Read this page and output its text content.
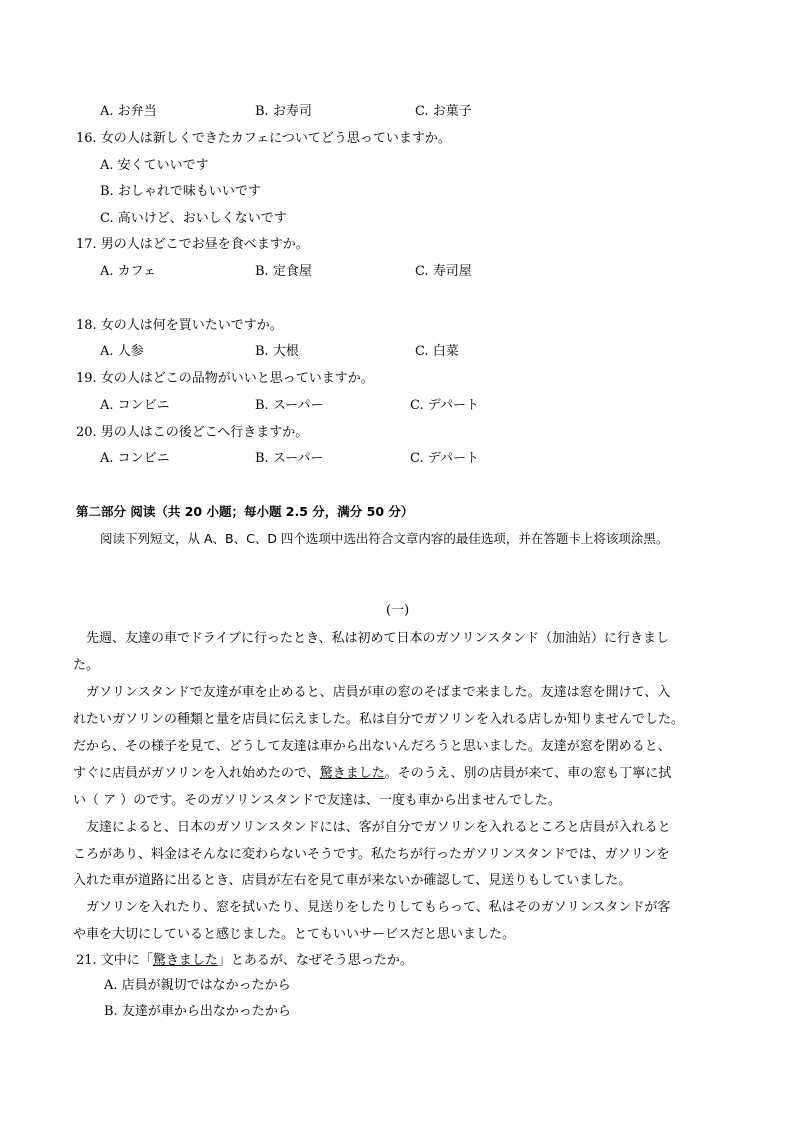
A. お弁当	B. お寿司	C. お菓子
16. 女の人は新しくできたカフェについてどう思っていますか。
A. 安くていいです
B. おしゃれで味もいいです
C. 高いけど、おいしくないです
17. 男の人はどこでお昼を食べますか。
A. カフェ	B. 定食屋	C. 寿司屋
18. 女の人は何を買いたいですか。
A. 人参	B. 大根	C. 白菜
19. 女の人はどこの品物がいいと思っていますか。
A. コンビニ	B. スーパー	C. デパート
20. 男の人はこの後どこへ行きますか。
A. コンビニ	B. スーパー	C. デパート
第二部分 阅读（共 20 小题；每小题 2.5 分，满分 50 分）
阅读下列短文，从 A、B、C、D 四个选项中选出符合文章内容的最佳选项，并在答题卡上将该项涂黑。
(一)
先週、友達の車でドライブに行ったとき、私は初めて日本のガソリンスタンド（加油站）に行きまし
た。
ガソリンスタンドで友達が車を止めると、店員が車の窓のそばまで来ました。友達は窓を開けて、入
れたいガソリンの種類と量を店員に伝えました。私は自分でガソリンを入れる店しか知りませんでした。
だから、その様子を見て、どうして友達は車から出ないんだろうと思いました。友達が窓を閉めると、
すぐに店員がガソリンを入れ始めたので、驚きました。そのうえ、別の店員が来て、車の窓も丁寧に拭
い（ ア ）のです。そのガソリンスタンドで友達は、一度も車から出ませんでした。
友達によると、日本のガソリンスタンドには、客が自分でガソリンを入れるところと店員が入れると
ころがあり、料金はそんなに変わらないそうです。私たちが行ったガソリンスタンドでは、ガソリンを
入れた車が道路に出るとき、店員が左右を見て車が来ないか確認して、見送りもしていました。
ガソリンを入れたり、窓を拭いたり、見送りをしたりしてもらって、私はそのガソリンスタンドが客
や車を大切にしていると感じました。とてもいいサービスだと思いました。
21. 文中に「驚きました」とあるが、なぜそう思ったか。
A. 店員が親切ではなかったから
B. 友達が車から出なかったから
